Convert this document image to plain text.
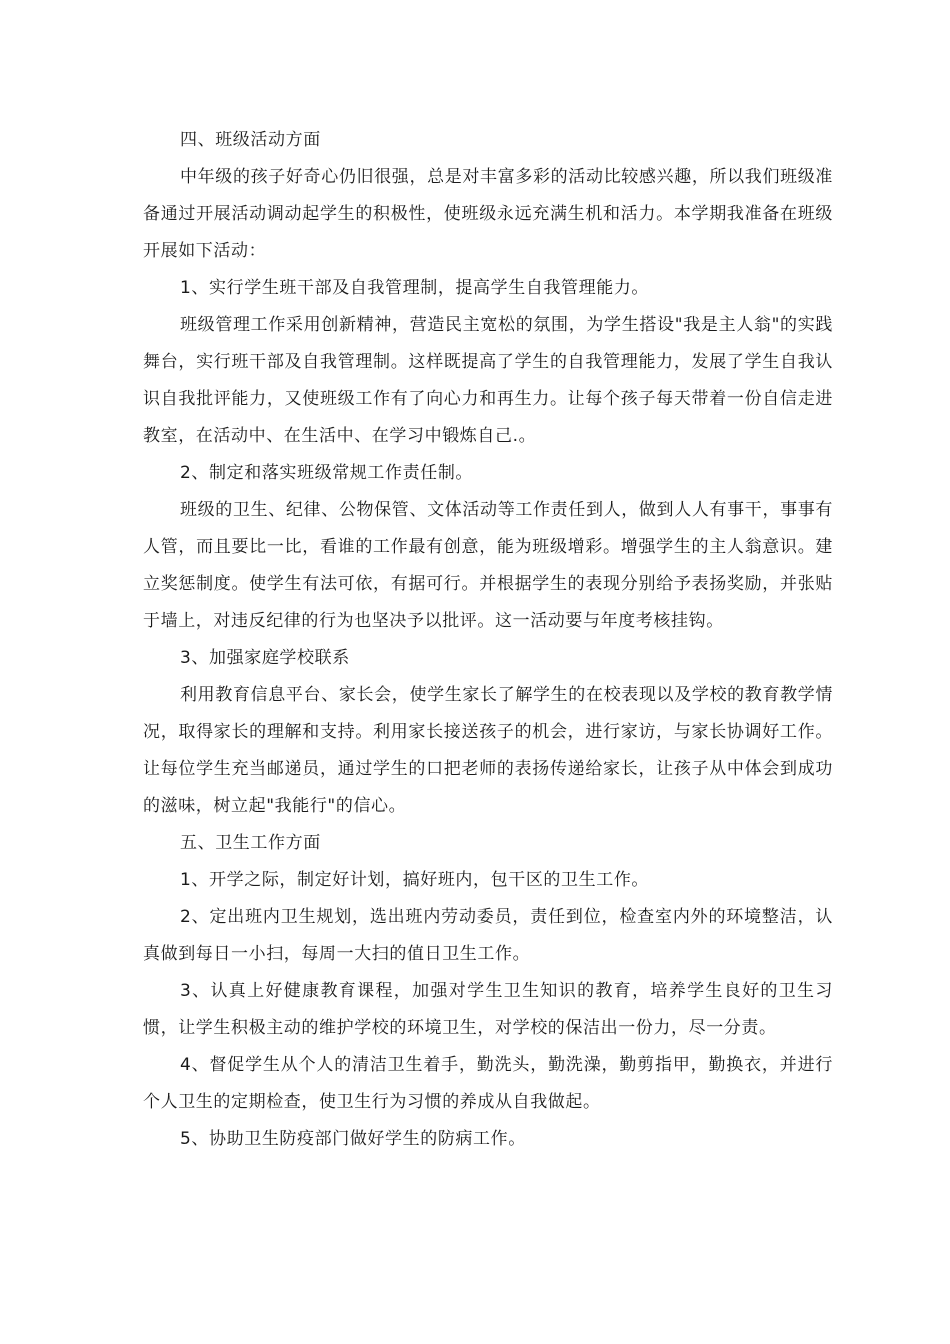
四、班级活动方面

中年级的孩子好奇心仍旧很强，总是对丰富多彩的活动比较感兴趣，所以我们班级准备通过开展活动调动起学生的积极性，使班级永远充满生机和活力。本学期我准备在班级开展如下活动：

1、实行学生班干部及自我管理制，提高学生自我管理能力。

班级管理工作采用创新精神，营造民主宽松的氛围，为学生搭设"我是主人翁"的实践舞台，实行班干部及自我管理制。这样既提高了学生的自我管理能力，发展了学生自我认识自我批评能力，又使班级工作有了向心力和再生力。让每个孩子每天带着一份自信走进教室，在活动中、在生活中、在学习中锻炼自己.。

2、制定和落实班级常规工作责任制。

班级的卫生、纪律、公物保管、文体活动等工作责任到人，做到人人有事干，事事有人管，而且要比一比，看谁的工作最有创意，能为班级增彩。增强学生的主人翁意识。建立奖惩制度。使学生有法可依，有据可行。并根据学生的表现分别给予表扬奖励，并张贴于墙上，对违反纪律的行为也坚决予以批评。这一活动要与年度考核挂钩。

3、加强家庭学校联系

利用教育信息平台、家长会，使学生家长了解学生的在校表现以及学校的教育教学情况，取得家长的理解和支持。利用家长接送孩子的机会，进行家访，与家长协调好工作。让每位学生充当邮递员，通过学生的口把老师的表扬传递给家长，让孩子从中体会到成功的滋味，树立起"我能行"的信心。

五、卫生工作方面

1、开学之际，制定好计划，搞好班内，包干区的卫生工作。

2、定出班内卫生规划，选出班内劳动委员，责任到位，检查室内外的环境整洁，认真做到每日一小扫，每周一大扫的值日卫生工作。

3、认真上好健康教育课程，加强对学生卫生知识的教育，培养学生良好的卫生习惯，让学生积极主动的维护学校的环境卫生，对学校的保洁出一份力，尽一分责。

4、督促学生从个人的清洁卫生着手，勤洗头，勤洗澡，勤剪指甲，勤换衣，并进行个人卫生的定期检查，使卫生行为习惯的养成从自我做起。

5、协助卫生防疫部门做好学生的防病工作。
